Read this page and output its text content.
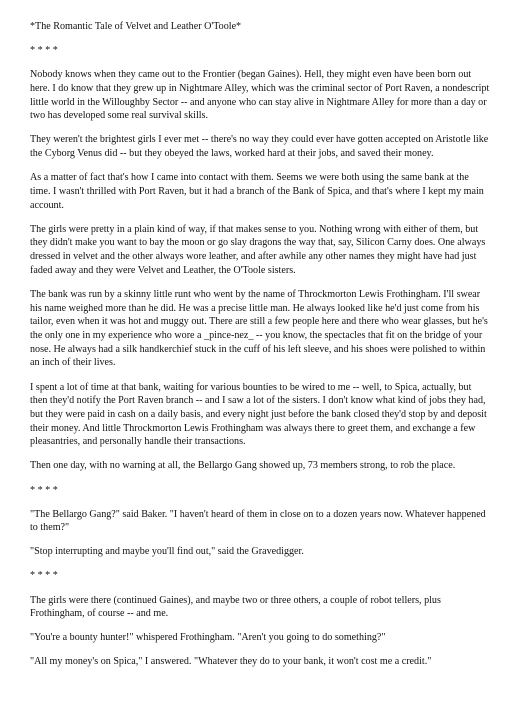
*The Romantic Tale of Velvet and Leather O'Toole*

* * * *

Nobody knows when they came out to the Frontier (began Gaines). Hell, they might even have been born out here. I do know that they grew up in Nightmare Alley, which was the criminal sector of Port Raven, a nondescript little world in the Willoughby Sector -- and anyone who can stay alive in Nightmare Alley for more than a day or two has developed some real survival skills.

They weren't the brightest girls I ever met -- there's no way they could ever have gotten accepted on Aristotle like the Cyborg Venus did -- but they obeyed the laws, worked hard at their jobs, and saved their money.

As a matter of fact that's how I came into contact with them. Seems we were both using the same bank at the time. I wasn't thrilled with Port Raven, but it had a branch of the Bank of Spica, and that's where I kept my main account.

The girls were pretty in a plain kind of way, if that makes sense to you. Nothing wrong with either of them, but they didn't make you want to bay the moon or go slay dragons the way that, say, Silicon Carny does. One always dressed in velvet and the other always wore leather, and after awhile any other names they might have had just faded away and they were Velvet and Leather, the O'Toole sisters.

The bank was run by a skinny little runt who went by the name of Throckmorton Lewis Frothingham. I'll swear his name weighed more than he did. He was a precise little man. He always looked like he'd just come from his tailor, even when it was hot and muggy out. There are still a few people here and there who wear glasses, but he's the only one in my experience who wore a _pince-nez_ -- you know, the spectacles that fit on the bridge of your nose. He always had a silk handkerchief stuck in the cuff of his left sleeve, and his shoes were polished to within an inch of their lives.

I spent a lot of time at that bank, waiting for various bounties to be wired to me -- well, to Spica, actually, but then they'd notify the Port Raven branch -- and I saw a lot of the sisters. I don't know what kind of jobs they had, but they were paid in cash on a daily basis, and every night just before the bank closed they'd stop by and deposit their money. And little Throckmorton Lewis Frothingham was always there to greet them, and exchange a few pleasantries, and personally handle their transactions.

Then one day, with no warning at all, the Bellargo Gang showed up, 73 members strong, to rob the place.

* * * *

"The Bellargo Gang?" said Baker. "I haven't heard of them in close on to a dozen years now. Whatever happened to them?"

"Stop interrupting and maybe you'll find out," said the Gravedigger.

* * * *

The girls were there (continued Gaines), and maybe two or three others, a couple of robot tellers, plus Frothingham, of course -- and me.

"You're a bounty hunter!" whispered Frothingham. "Aren't you going to do something?"

"All my money's on Spica," I answered. "Whatever they do to your bank, it won't cost me a credit."
